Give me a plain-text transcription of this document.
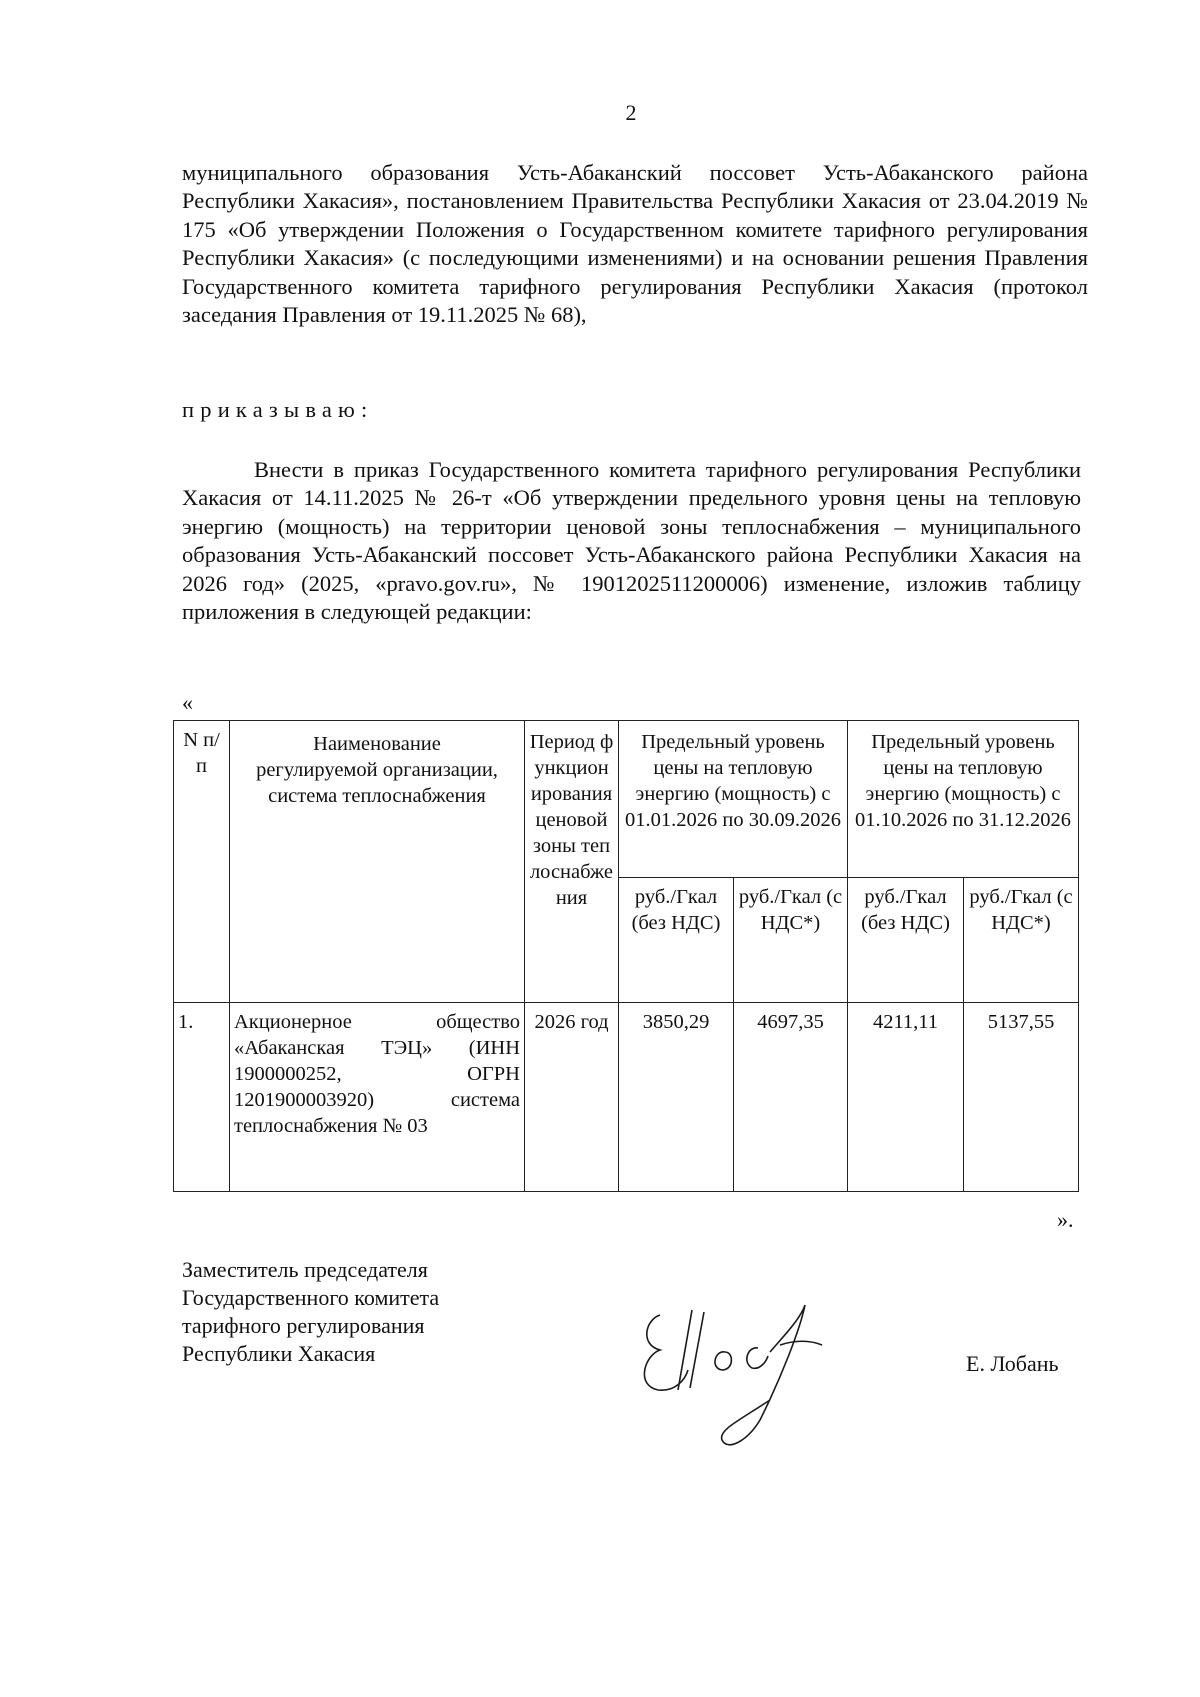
2

муниципального образования Усть-Абаканский поссовет Усть-Абаканского района Республики Хакасия», постановлением Правительства Республики Хакасия от 23.04.2019 № 175 «Об утверждении Положения о Государственном комитете тарифного регулирования Республики Хакасия» (с последующими изменениями) и на основании решения Правления Государственного комитета тарифного регулирования Республики Хакасия (протокол заседания Правления от 19.11.2025 № 68),

приказываю:

Внести в приказ Государственного комитета тарифного регулирования Республики Хакасия от 14.11.2025 № 26-т «Об утверждении предельного уровня цены на тепловую энергию (мощность) на территории ценовой зоны теплоснабжения – муниципального образования Усть-Абаканский поссовет Усть-Абаканского района Республики Хакасия на 2026 год» (2025, «pravo.gov.ru», № 1901202511200006) изменение, изложив таблицу приложения в следующей редакции:

«
N п/п	Наименование регулируемой организации, система теплоснабжения	Период функционирования ценовой зоны теплоснабжения	Предельный уровень цены на тепловую энергию (мощность) с 01.01.2026 по 30.09.2026		Предельный уровень цены на тепловую энергию (мощность) с 01.10.2026 по 31.12.2026	
			руб./Гкал (без НДС)	руб./Гкал (с НДС*)	руб./Гкал (без НДС)	руб./Гкал (с НДС*)
1.	Акционерное общество «Абаканская ТЭЦ» (ИНН 1900000252, ОГРН 1201900003920) система теплоснабжения № 03	2026 год	3850,29	4697,35	4211,11	5137,55
».
Заместитель председателя
Государственного комитета
тарифного регулирования
Республики Хакасия	Е. Лобань
